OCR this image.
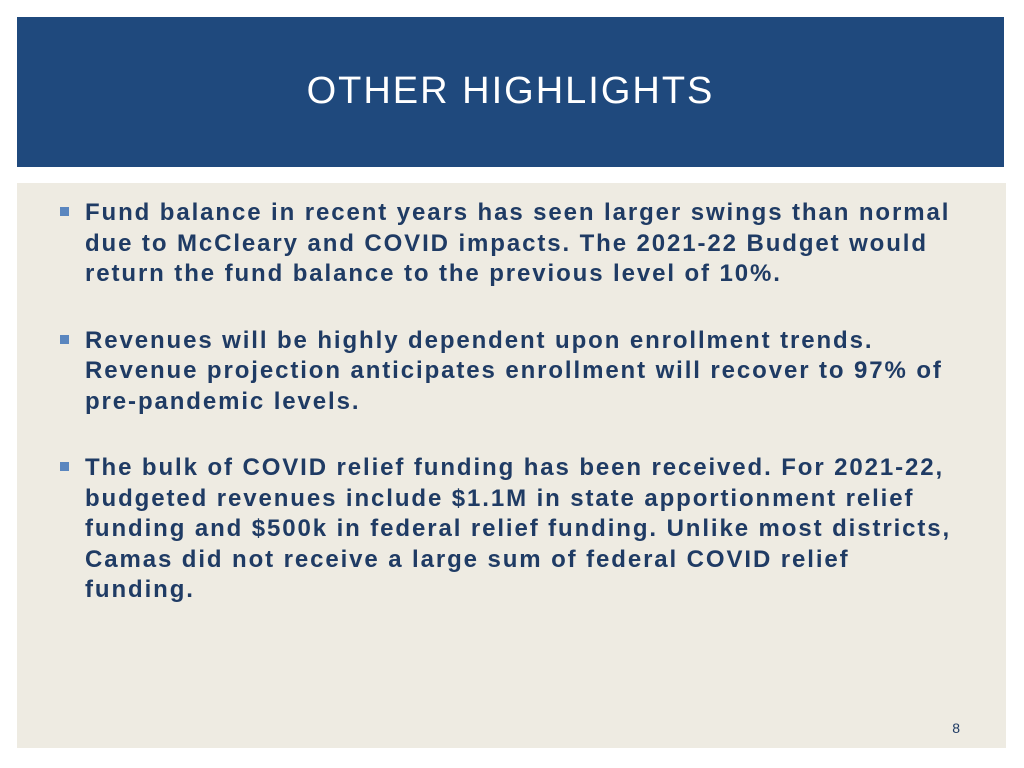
OTHER HIGHLIGHTS
Fund balance in recent years has seen larger swings than normal due to McCleary and COVID impacts. The 2021-22 Budget would return the fund balance to the previous level of 10%.
Revenues will be highly dependent upon enrollment trends. Revenue projection anticipates enrollment will recover to 97% of pre-pandemic levels.
The bulk of COVID relief funding has been received. For 2021-22, budgeted revenues include $1.1M in state apportionment relief funding and $500k in federal relief funding. Unlike most districts, Camas did not receive a large sum of federal COVID relief funding.
8
